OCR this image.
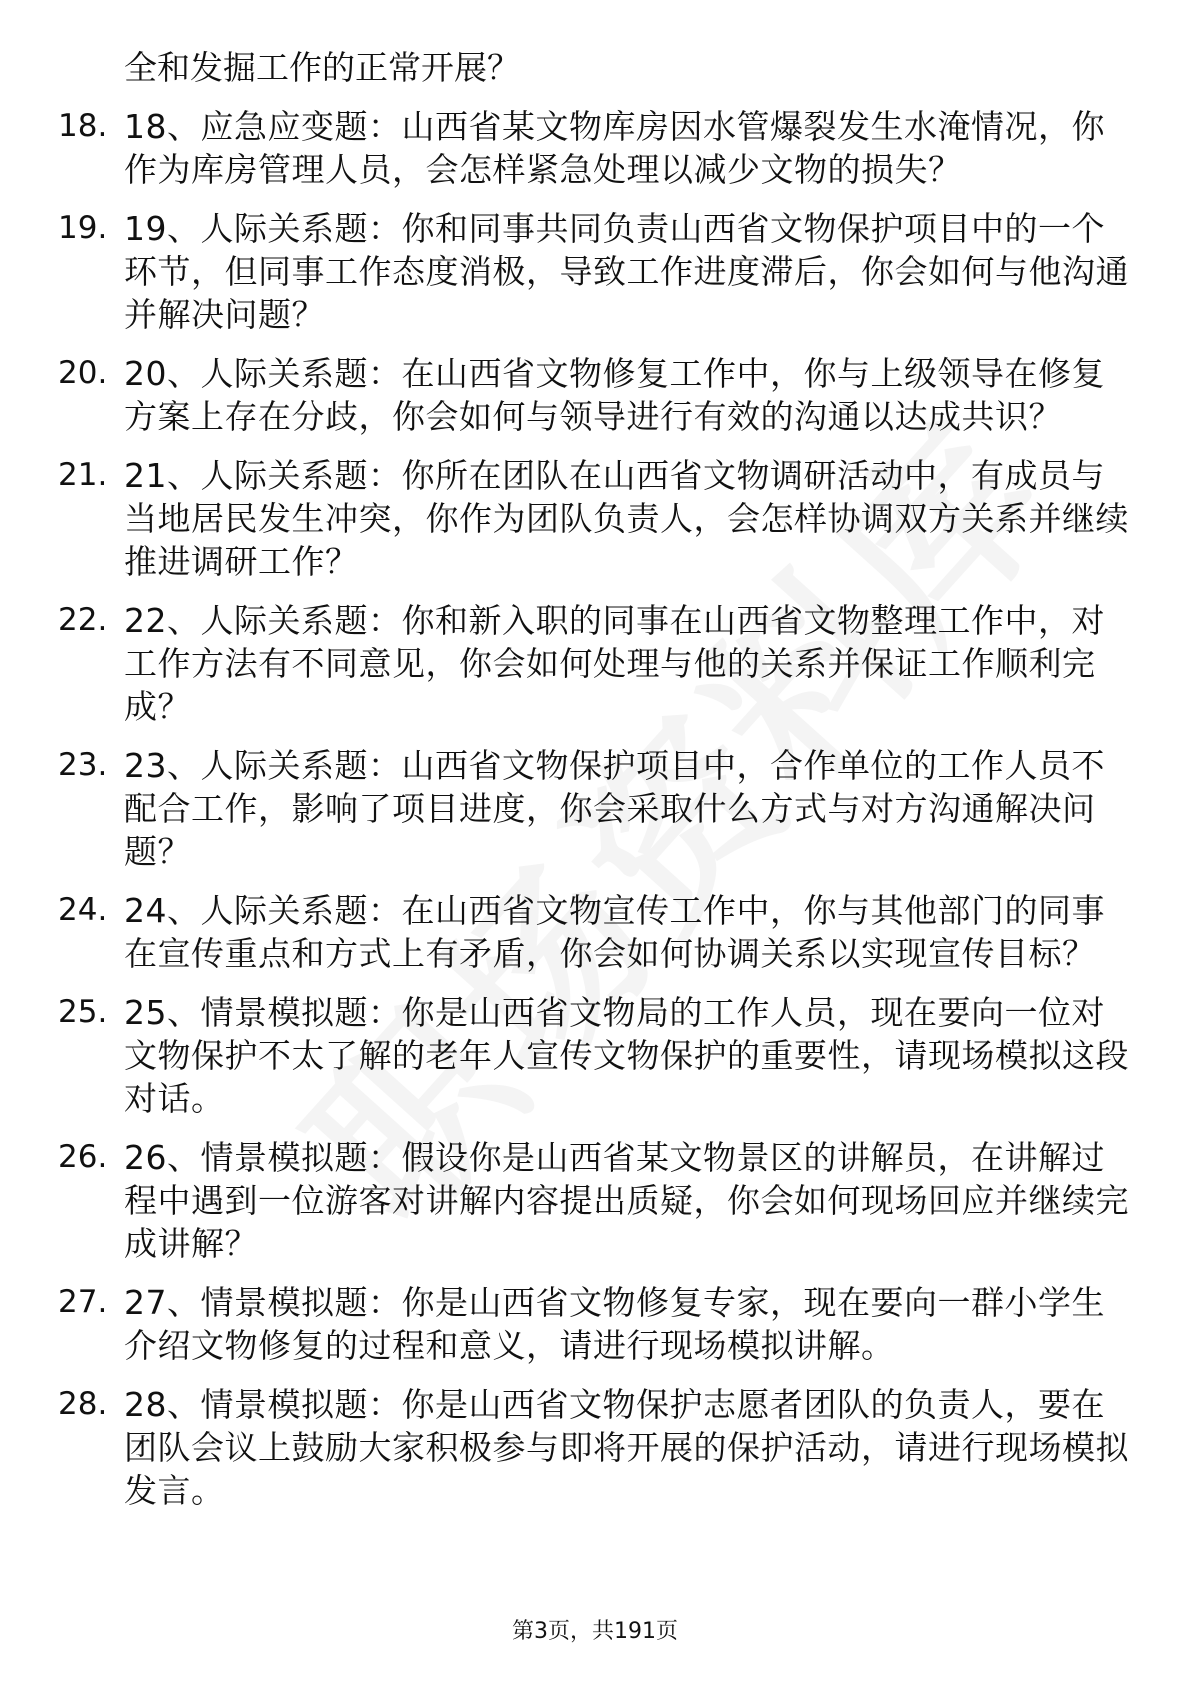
全和发掘工作的正常开展？
18. 18、应急应变题：山西省某文物库房因水管爆裂发生水淹情况，你作为库房管理人员，会怎样紧急处理以减少文物的损失？
19. 19、人际关系题：你和同事共同负责山西省文物保护项目中的一个环节，但同事工作态度消极，导致工作进度滞后，你会如何与他沟通并解决问题？
20. 20、人际关系题：在山西省文物修复工作中，你与上级领导在修复方案上存在分歧，你会如何与领导进行有效的沟通以达成共识？
21. 21、人际关系题：你所在团队在山西省文物调研活动中，有成员与当地居民发生冲突，你作为团队负责人，会怎样协调双方关系并继续推进调研工作？
22. 22、人际关系题：你和新入职的同事在山西省文物整理工作中，对工作方法有不同意见，你会如何处理与他的关系并保证工作顺利完成？
23. 23、人际关系题：山西省文物保护项目中，合作单位的工作人员不配合工作，影响了项目进度，你会采取什么方式与对方沟通解决问题？
24. 24、人际关系题：在山西省文物宣传工作中，你与其他部门的同事在宣传重点和方式上有矛盾，你会如何协调关系以实现宣传目标？
25. 25、情景模拟题：你是山西省文物局的工作人员，现在要向一位对文物保护不太了解的老年人宣传文物保护的重要性，请现场模拟这段对话。
26. 26、情景模拟题：假设你是山西省某文物景区的讲解员，在讲解过程中遇到一位游客对讲解内容提出质疑，你会如何现场回应并继续完成讲解？
27. 27、情景模拟题：你是山西省文物修复专家，现在要向一群小学生介绍文物修复的过程和意义，请进行现场模拟讲解。
28. 28、情景模拟题：你是山西省文物保护志愿者团队的负责人，要在团队会议上鼓励大家积极参与即将开展的保护活动，请进行现场模拟发言。
第3页，共191页
